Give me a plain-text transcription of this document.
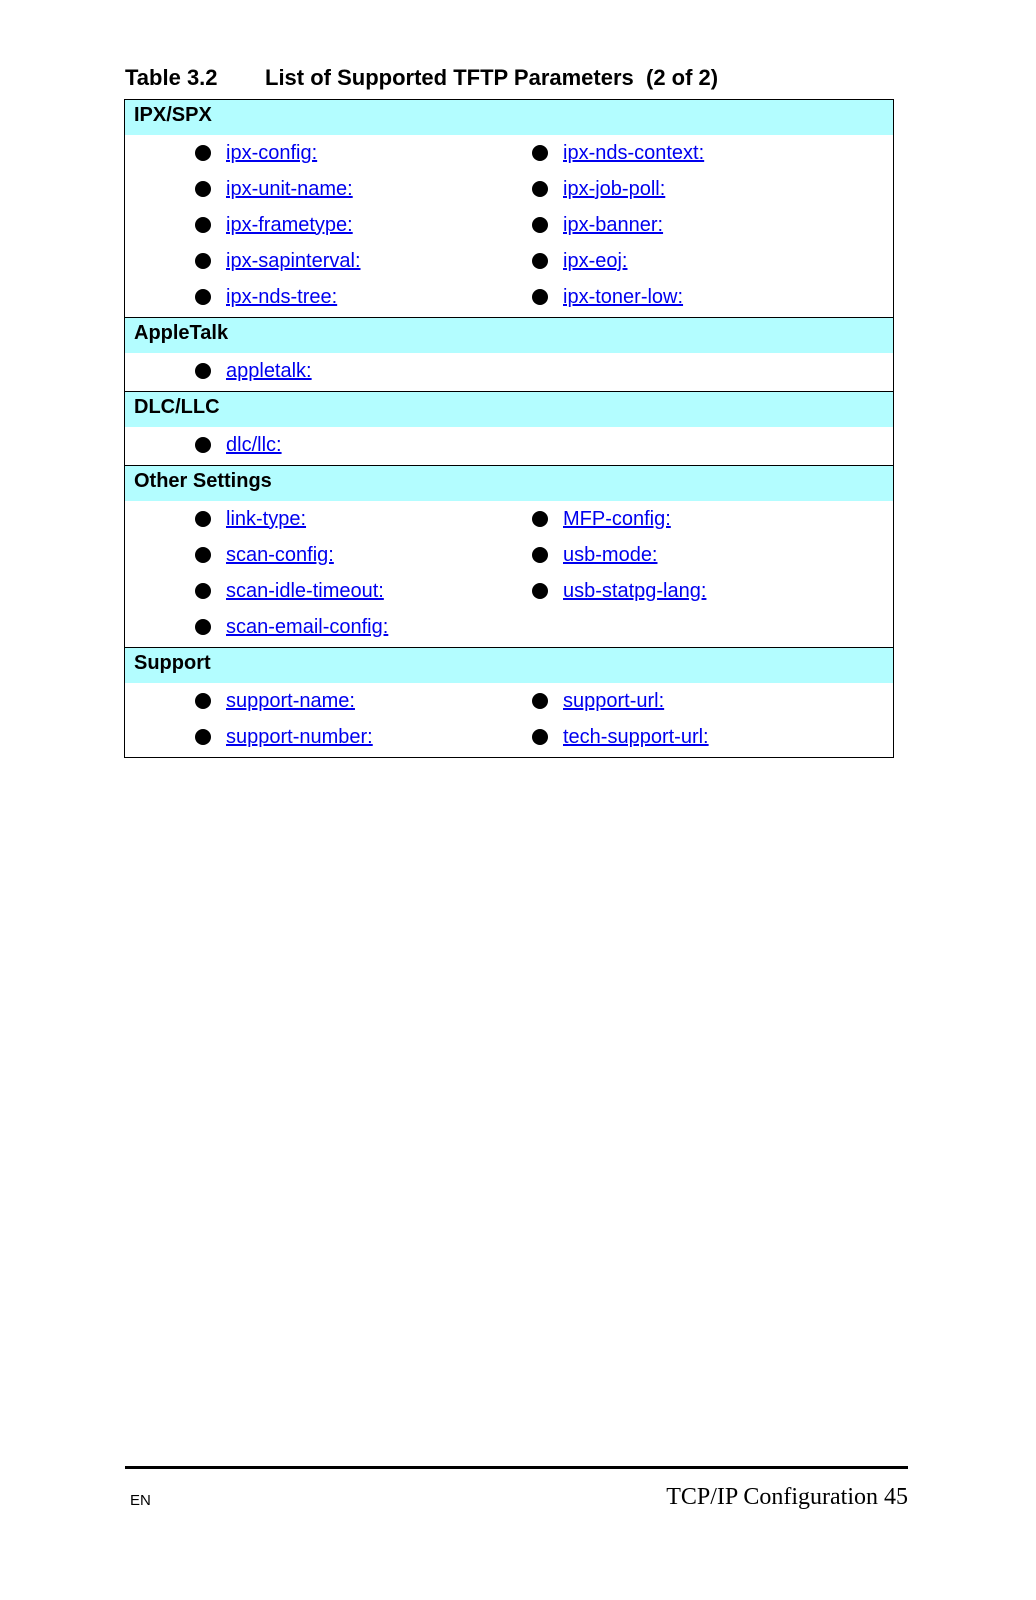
Table 3.2 List of Supported TFTP Parameters  (2 of 2)
IPX/SPX
ipx-config:
ipx-unit-name:
ipx-frametype:
ipx-sapinterval:
ipx-nds-tree:
ipx-nds-context:
ipx-job-poll:
ipx-banner:
ipx-eoj:
ipx-toner-low:
AppleTalk
appletalk:
DLC/LLC
dlc/llc:
Other Settings
link-type:
scan-config:
scan-idle-timeout:
scan-email-config:
MFP-config:
usb-mode:
usb-statpg-lang:
Support
support-name:
support-number:
support-url:
tech-support-url:
EN	TCP/IP Configuration 45
